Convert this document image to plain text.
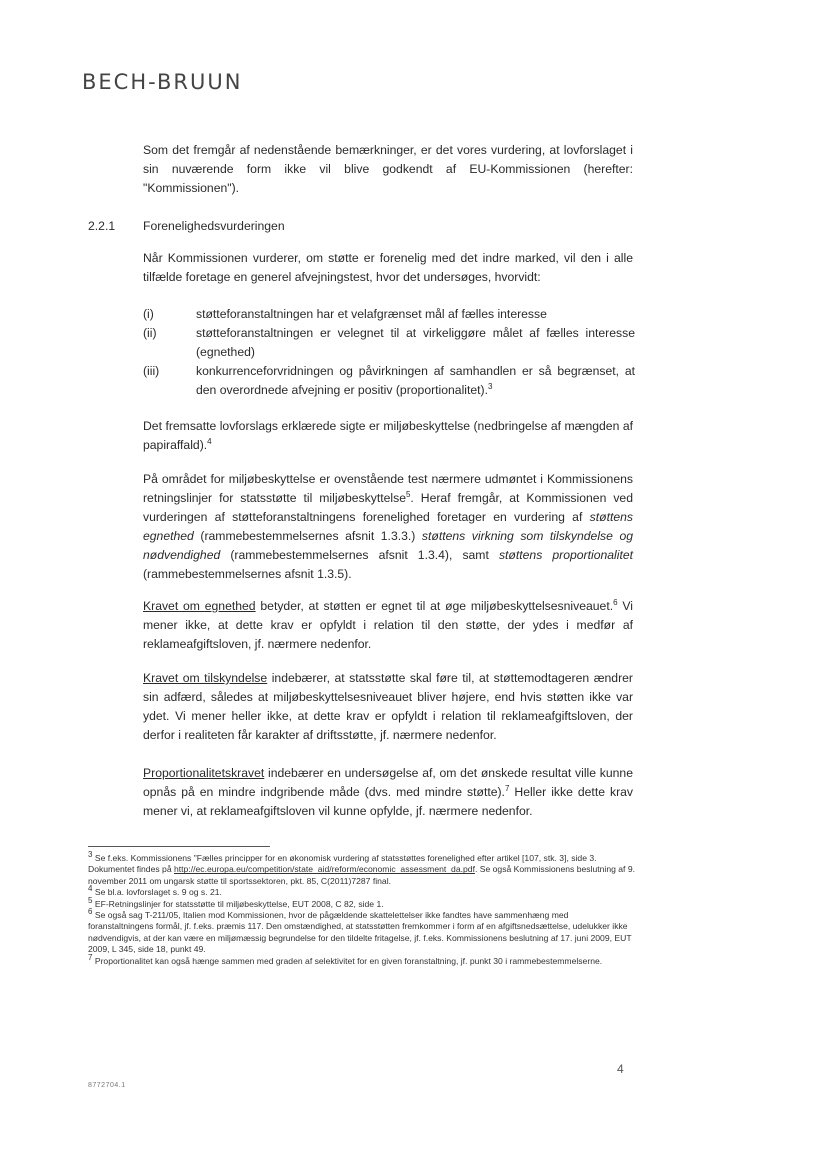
BECH-BRUUN

Som det fremgår af nedenstående bemærkninger, er det vores vurdering, at lovforslaget i sin nuværende form ikke vil blive godkendt af EU-Kommissionen (herefter: "Kommissionen").

2.2.1 Forenelighedsvurderingen

Når Kommissionen vurderer, om støtte er forenelig med det indre marked, vil den i alle tilfælde foretage en generel afvejningstest, hvor det undersøges, hvorvidt:

(i)	støtteforanstaltningen har et velafgrænset mål af fælles interesse
(ii)	støtteforanstaltningen er velegnet til at virkeliggøre målet af fælles interesse (egnethed)
(iii)	konkurrenceforvridningen og påvirkningen af samhandlen er så begrænset, at den overordnede afvejning er positiv (proportionalitet).$^3$

Det fremsatte lovforslags erklærede sigte er miljøbeskyttelse (nedbringelse af mængden af papiraffald).$^4$

På området for miljøbeskyttelse er ovenstående test nærmere udmøntet i Kommissionens retningslinjer for statsstøtte til miljøbeskyttelse$^5$. Heraf fremgår, at Kommissionen ved vurderingen af støtteforanstaltningens forenelighed foretager en vurdering af støttens egnethed (rammebestemmelsernes afsnit 1.3.3.) støttens virkning som tilskyndelse og nødvendighed (rammebestemmelsernes afsnit 1.3.4), samt støttens proportionalitet (rammebestemmelsernes afsnit 1.3.5).

Kravet om egnethed betyder, at støtten er egnet til at øge miljøbeskyttelsesniveauet.$^6$ Vi mener ikke, at dette krav er opfyldt i relation til den støtte, der ydes i medfør af reklameafgiftsloven, jf. nærmere nedenfor.

Kravet om tilskyndelse indebærer, at statsstøtte skal føre til, at støttemodtageren ændrer sin adfærd, således at miljøbeskyttelsesniveauet bliver højere, end hvis støtten ikke var ydet. Vi mener heller ikke, at dette krav er opfyldt i relation til reklameafgiftsloven, der derfor i realiteten får karakter af driftsstøtte, jf. nærmere nedenfor.

Proportionalitetskravet indebærer en undersøgelse af, om det ønskede resultat ville kunne opnås på en mindre indgribende måde (dvs. med mindre støtte).$^7$ Heller ikke dette krav mener vi, at reklameafgiftsloven vil kunne opfylde, jf. nærmere nedenfor.

$^3$ Se f.eks. Kommissionens "Fælles principper for en økonomisk vurdering af statsstøttes forenelighed efter artikel [107, stk. 3], side 3. Dokumentet findes på http://ec.europa.eu/competition/state_aid/reform/economic_assessment_da.pdf. Se også Kommissionens beslutning af 9. november 2011 om ungarsk støtte til sportssektoren, pkt. 85, C(2011)7287 final.

$^4$ Se bl.a. lovforslaget s. 9 og s. 21.

$^5$ EF-Retningslinjer for statsstøtte til miljøbeskyttelse, EUT 2008, C 82, side 1.

$^6$ Se også sag T-211/05, Italien mod Kommissionen, hvor de pågældende skattelettelser ikke fandtes have sammenhæng med foranstaltningens formål, jf. f.eks. præmis 117. Den omstændighed, at statsstøtten fremkommer i form af en afgiftsnedsættelse, udelukker ikke nødvendigvis, at der kan være en miljømæssig begrundelse for den tildelte fritagelse, jf. f.eks. Kommissionens beslutning af 17. juni 2009, EUT 2009, L 345, side 18, punkt 49.

$^7$ Proportionalitet kan også hænge sammen med graden af selektivitet for en given foranstaltning, jf. punkt 30 i rammebestemmelserne.

4
8772704.1
